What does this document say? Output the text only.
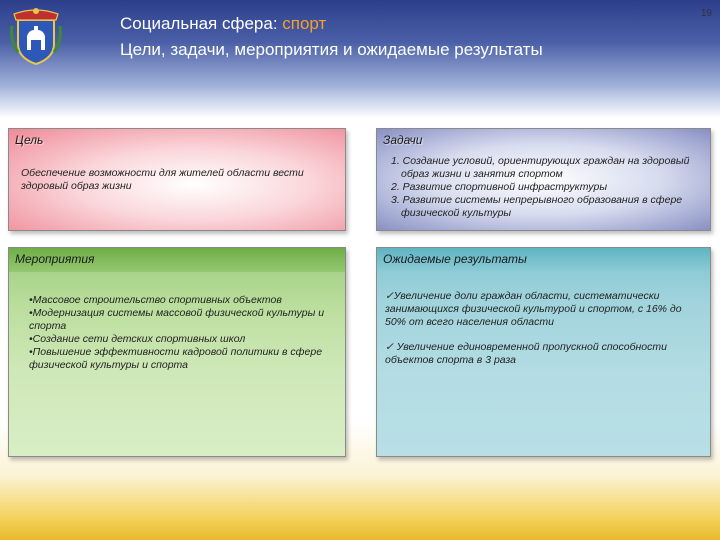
Социальная сфера: спорт
Цели, задачи, мероприятия и ожидаемые результаты
19
Цель
Обеспечение возможности для жителей области вести здоровый образ жизни
Задачи

1. Создание условий, ориентирующих граждан на здоровый образ жизни и занятия спортом

2. Развитие спортивной инфраструктуры

3. Развитие системы непрерывного образования в сфере физической культуры

Мероприятия

•Массовое строительство спортивных объектов

•Модернизация системы массовой физической культуры и спорта

•Создание сети детских спортивных школ

•Повышение эффективности кадровой политики в сфере физической культуры и спорта

Ожидаемые результаты

✓Увеличение доли граждан области, систематически занимающихся физической культурой и спортом, с 16% до 50% от всего населения области

✓ Увеличение единовременной пропускной способности объектов спорта в 3 раза
